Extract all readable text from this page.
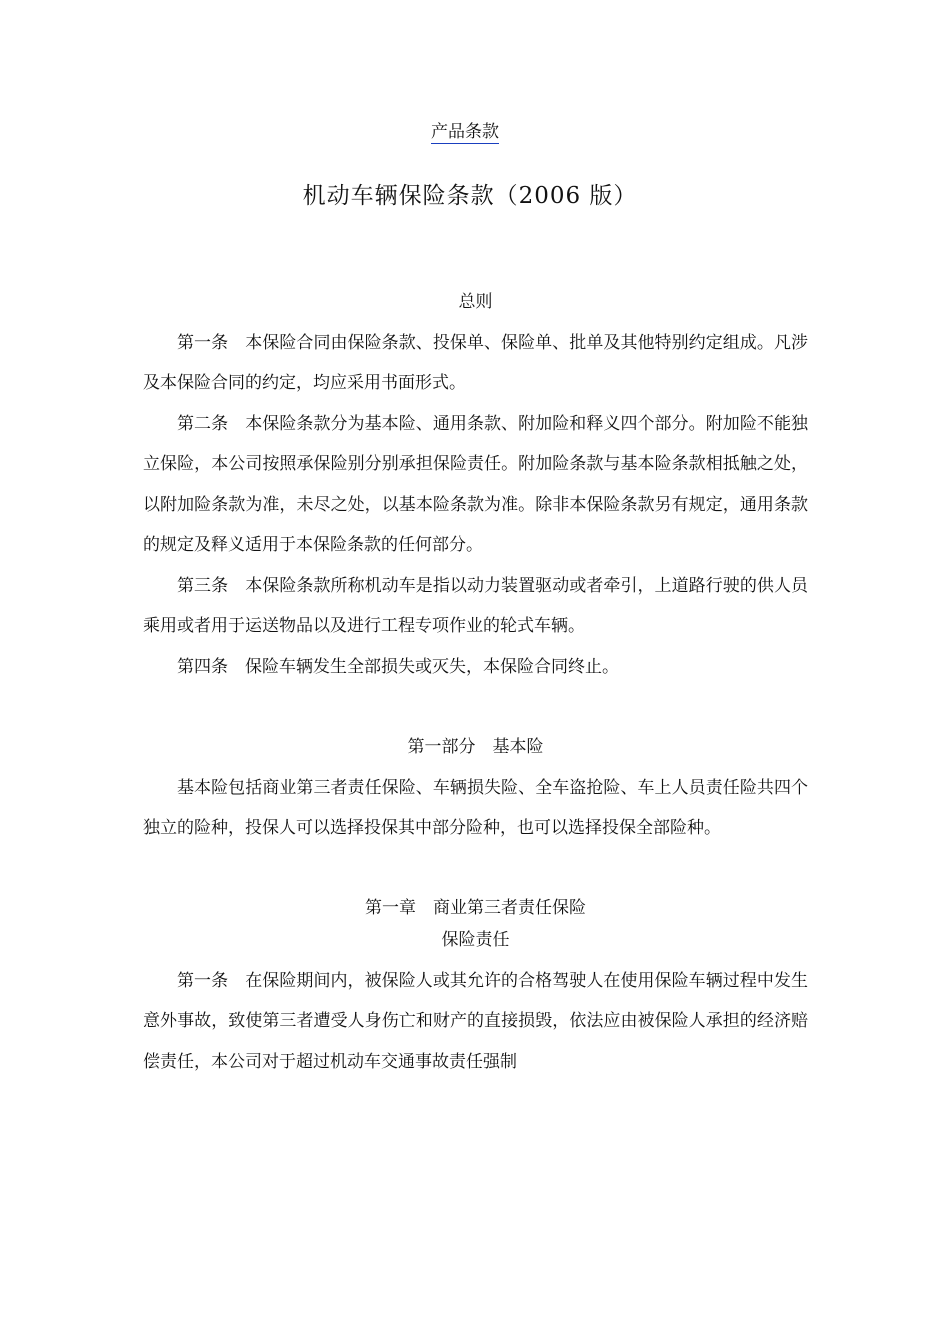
产品条款
机动车辆保险条款（2006 版）
总则

第一条　本保险合同由保险条款、投保单、保险单、批单及其他特别约定组成。凡涉及本保险合同的约定，均应采用书面形式。

第二条　本保险条款分为基本险、通用条款、附加险和释义四个部分。附加险不能独立保险，本公司按照承保险别分别承担保险责任。附加险条款与基本险条款相抵触之处，以附加险条款为准，未尽之处，以基本险条款为准。除非本保险条款另有规定，通用条款的规定及释义适用于本保险条款的任何部分。

第三条　本保险条款所称机动车是指以动力装置驱动或者牵引，上道路行驶的供人员乘用或者用于运送物品以及进行工程专项作业的轮式车辆。

第四条　保险车辆发生全部损失或灭失，本保险合同终止。

第一部分　基本险

基本险包括商业第三者责任保险、车辆损失险、全车盗抢险、车上人员责任险共四个独立的险种，投保人可以选择投保其中部分险种，也可以选择投保全部险种。

第一章　商业第三者责任保险
保险责任

第一条　在保险期间内，被保险人或其允许的合格驾驶人在使用保险车辆过程中发生意外事故，致使第三者遭受人身伤亡和财产的直接损毁，依法应由被保险人承担的经济赔偿责任，本公司对于超过机动车交通事故责任强制
